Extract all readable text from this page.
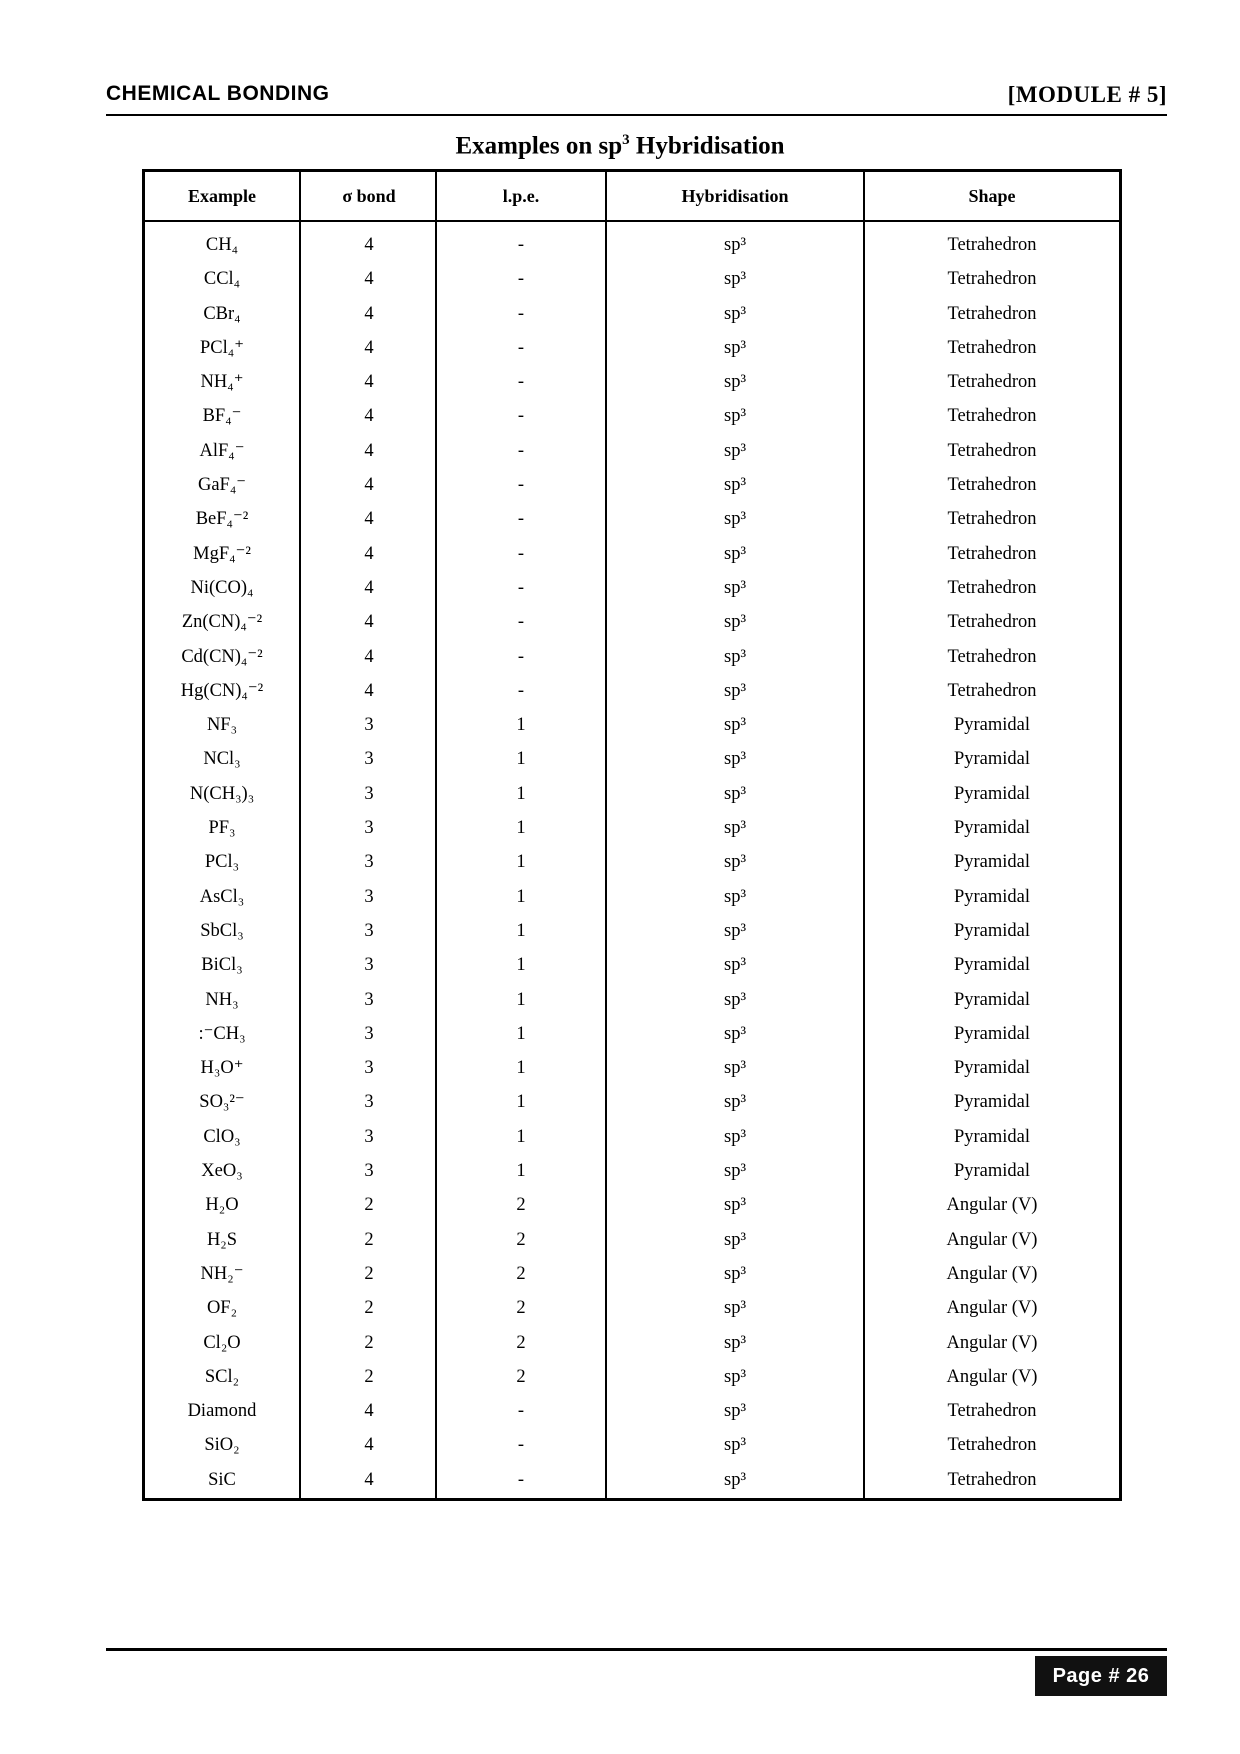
CHEMICAL BONDING	[MODULE # 5]
Examples on $sp^3$ Hybridisation
Example	σ bond	l.p.e.	Hybridisation	Shape
CH₄	4	-	sp³	Tetrahedron
CCl₄	4	-	sp³	Tetrahedron
CBr₄	4	-	sp³	Tetrahedron
PCl₄⁺	4	-	sp³	Tetrahedron
NH₄⁺	4	-	sp³	Tetrahedron
BF₄⁻	4	-	sp³	Tetrahedron
AlF₄⁻	4	-	sp³	Tetrahedron
GaF₄⁻	4	-	sp³	Tetrahedron
BeF₄⁻²	4	-	sp³	Tetrahedron
MgF₄⁻²	4	-	sp³	Tetrahedron
Ni(CO)₄	4	-	sp³	Tetrahedron
Zn(CN)₄⁻²	4	-	sp³	Tetrahedron
Cd(CN)₄⁻²	4	-	sp³	Tetrahedron
Hg(CN)₄⁻²	4	-	sp³	Tetrahedron
NF₃	3	1	sp³	Pyramidal
NCl₃	3	1	sp³	Pyramidal
N(CH₃)₃	3	1	sp³	Pyramidal
PF₃	3	1	sp³	Pyramidal
PCl₃	3	1	sp³	Pyramidal
AsCl₃	3	1	sp³	Pyramidal
SbCl₃	3	1	sp³	Pyramidal
BiCl₃	3	1	sp³	Pyramidal
NH₃	3	1	sp³	Pyramidal
:⁻CH₃	3	1	sp³	Pyramidal
H₃O⁺	3	1	sp³	Pyramidal
SO₃²⁻	3	1	sp³	Pyramidal
ClO₃	3	1	sp³	Pyramidal
XeO₃	3	1	sp³	Pyramidal
H₂O	2	2	sp³	Angular (V)
H₂S	2	2	sp³	Angular (V)
NH₂⁻	2	2	sp³	Angular (V)
OF₂	2	2	sp³	Angular (V)
Cl₂O	2	2	sp³	Angular (V)
SCl₂	2	2	sp³	Angular (V)
Diamond	4	-	sp³	Tetrahedron
SiO₂	4	-	sp³	Tetrahedron
SiC	4	-	sp³	Tetrahedron
Page # 26
